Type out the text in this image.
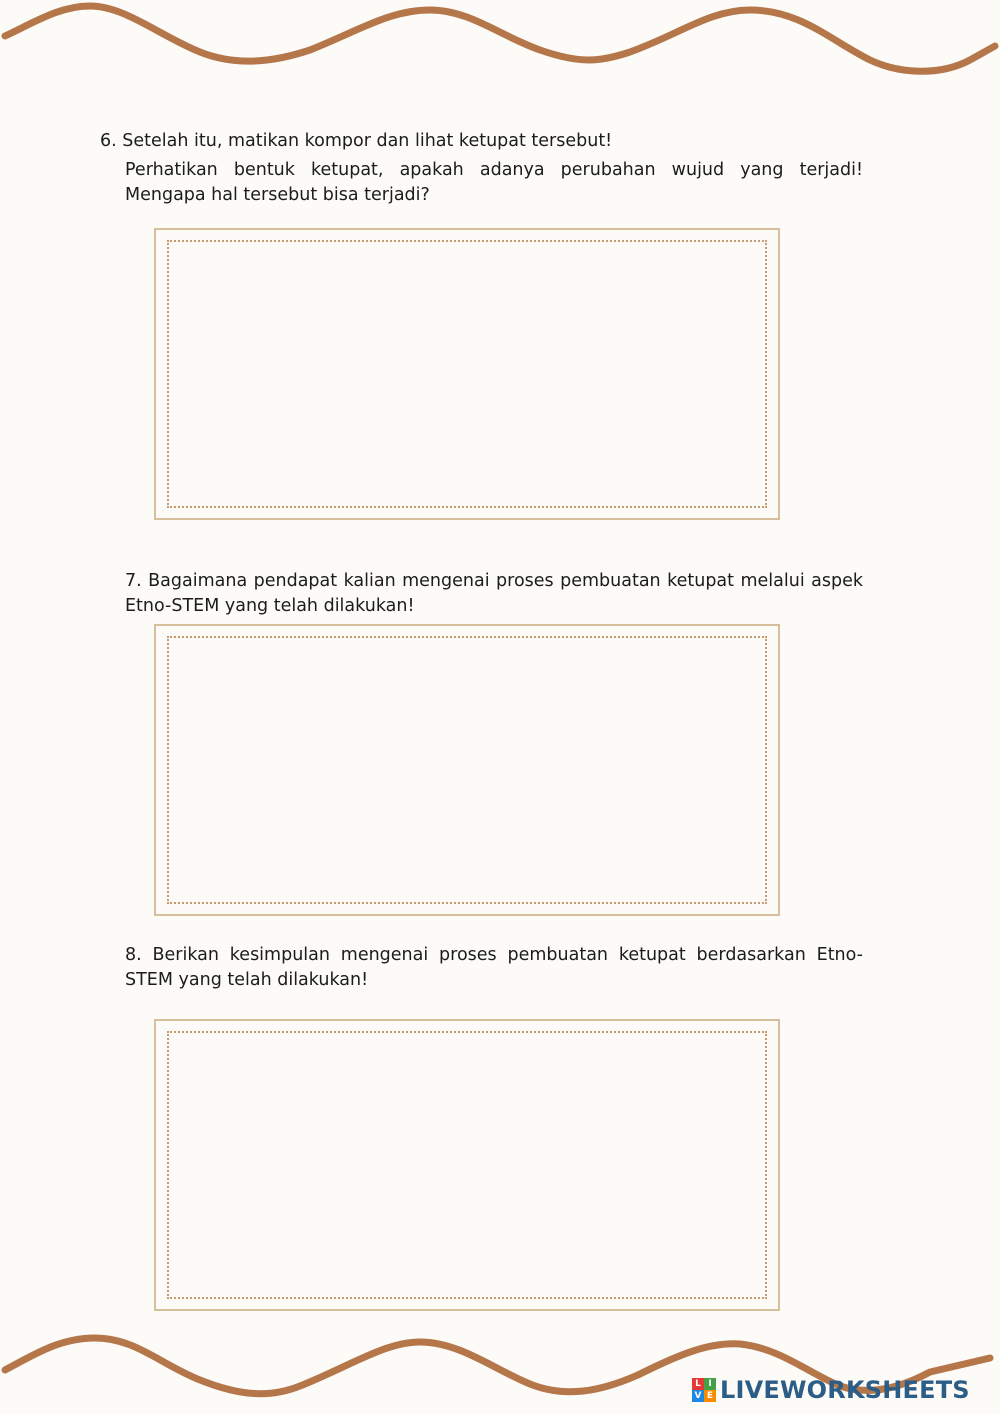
6. Setelah itu, matikan kompor dan lihat ketupat tersebut!

Perhatikan bentuk ketupat, apakah adanya perubahan wujud yang terjadi! Mengapa hal tersebut bisa terjadi?

7. Bagaimana pendapat kalian mengenai proses pembuatan ketupat melalui aspek Etno-STEM yang telah dilakukan!

8. Berikan kesimpulan mengenai proses pembuatan ketupat berdasarkan Etno-STEM yang telah dilakukan!

L I
V E LIVEWORKSHEETS
